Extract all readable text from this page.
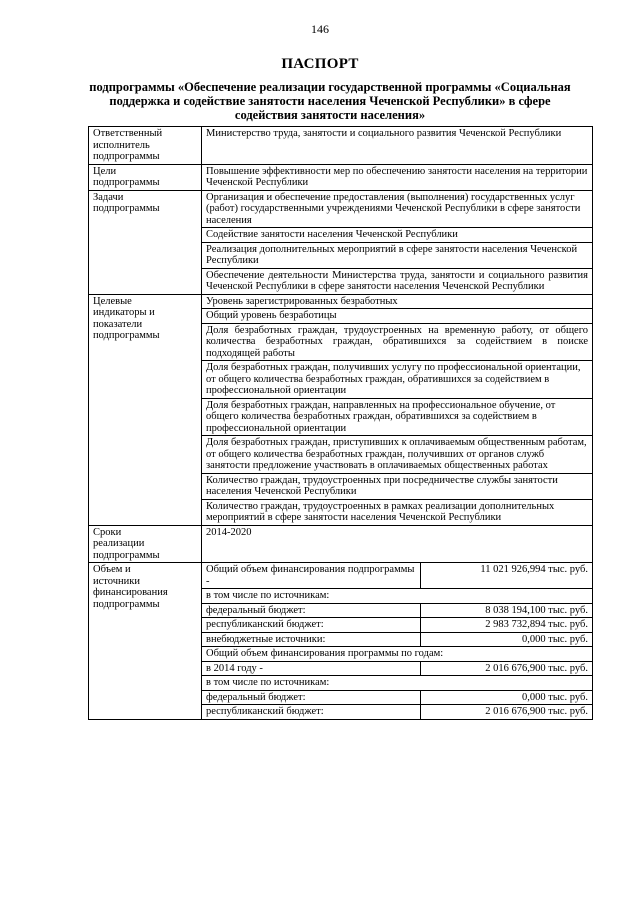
146
ПАСПОРТ
подпрограммы «Обеспечение реализации государственной программы «Социальная поддержка и содействие занятости населения Чеченской Республики» в сфере содействия занятости населения»
Ответственный
исполнитель
подпрограммы	Министерство труда, занятости и социального развития Чеченской Республики	
Цели
подпрограммы	Повышение эффективности мер по обеспечению занятости населения на территории Чеченской Республики	
Задачи
подпрограммы	Организация и обеспечение предоставления (выполнения) государственных услуг (работ) государственными учреждениями Чеченской Республики в сфере занятости населения	
	Содействие занятости населения Чеченской Республики	
	Реализация дополнительных мероприятий в сфере занятости населения Чеченской Республики	
	Обеспечение деятельности Министерства труда, занятости и социального развития Чеченской Республики в сфере занятости населения Чеченской Республики	
Целевые
индикаторы и
показатели
подпрограммы	Уровень зарегистрированных безработных	
	Общий уровень безработицы	
	Доля безработных граждан, трудоустроенных на временную работу, от общего количества безработных граждан, обратившихся за содействием в поиске подходящей работы	
	Доля безработных граждан, получивших услугу по профессиональной ориентации, от общего количества безработных граждан, обратившихся за содействием в профессиональной ориентации	
	Доля безработных граждан, направленных на профессиональное обучение, от общего количества безработных граждан, обратившихся за содействием в профессиональной ориентации	
	Доля безработных граждан, приступивших к оплачиваемым общественным работам, от общего количества безработных граждан, получивших от органов служб занятости предложение участвовать в оплачиваемых общественных работах	
	Количество граждан, трудоустроенных при посредничестве службы занятости населения Чеченской Республики	
	Количество граждан, трудоустроенных в рамках реализации дополнительных мероприятий в сфере занятости населения Чеченской Республики	
Сроки
реализации
подпрограммы	2014-2020	
Объем и
источники
финансирования
подпрограммы	Общий объем финансирования подпрограммы -	11 021 926,994 тыс. руб.
	в том числе по источникам:	
	федеральный бюджет:	8 038 194,100 тыс. руб.
	республиканский бюджет:	2 983 732,894 тыс. руб.
	внебюджетные источники:	0,000 тыс. руб.
	Общий объем финансирования программы по годам:	
	в 2014 году -	2 016 676,900 тыс. руб.
	в том числе по источникам:	
	федеральный бюджет:	0,000 тыс. руб.
	республиканский бюджет:	2 016 676,900 тыс. руб.
